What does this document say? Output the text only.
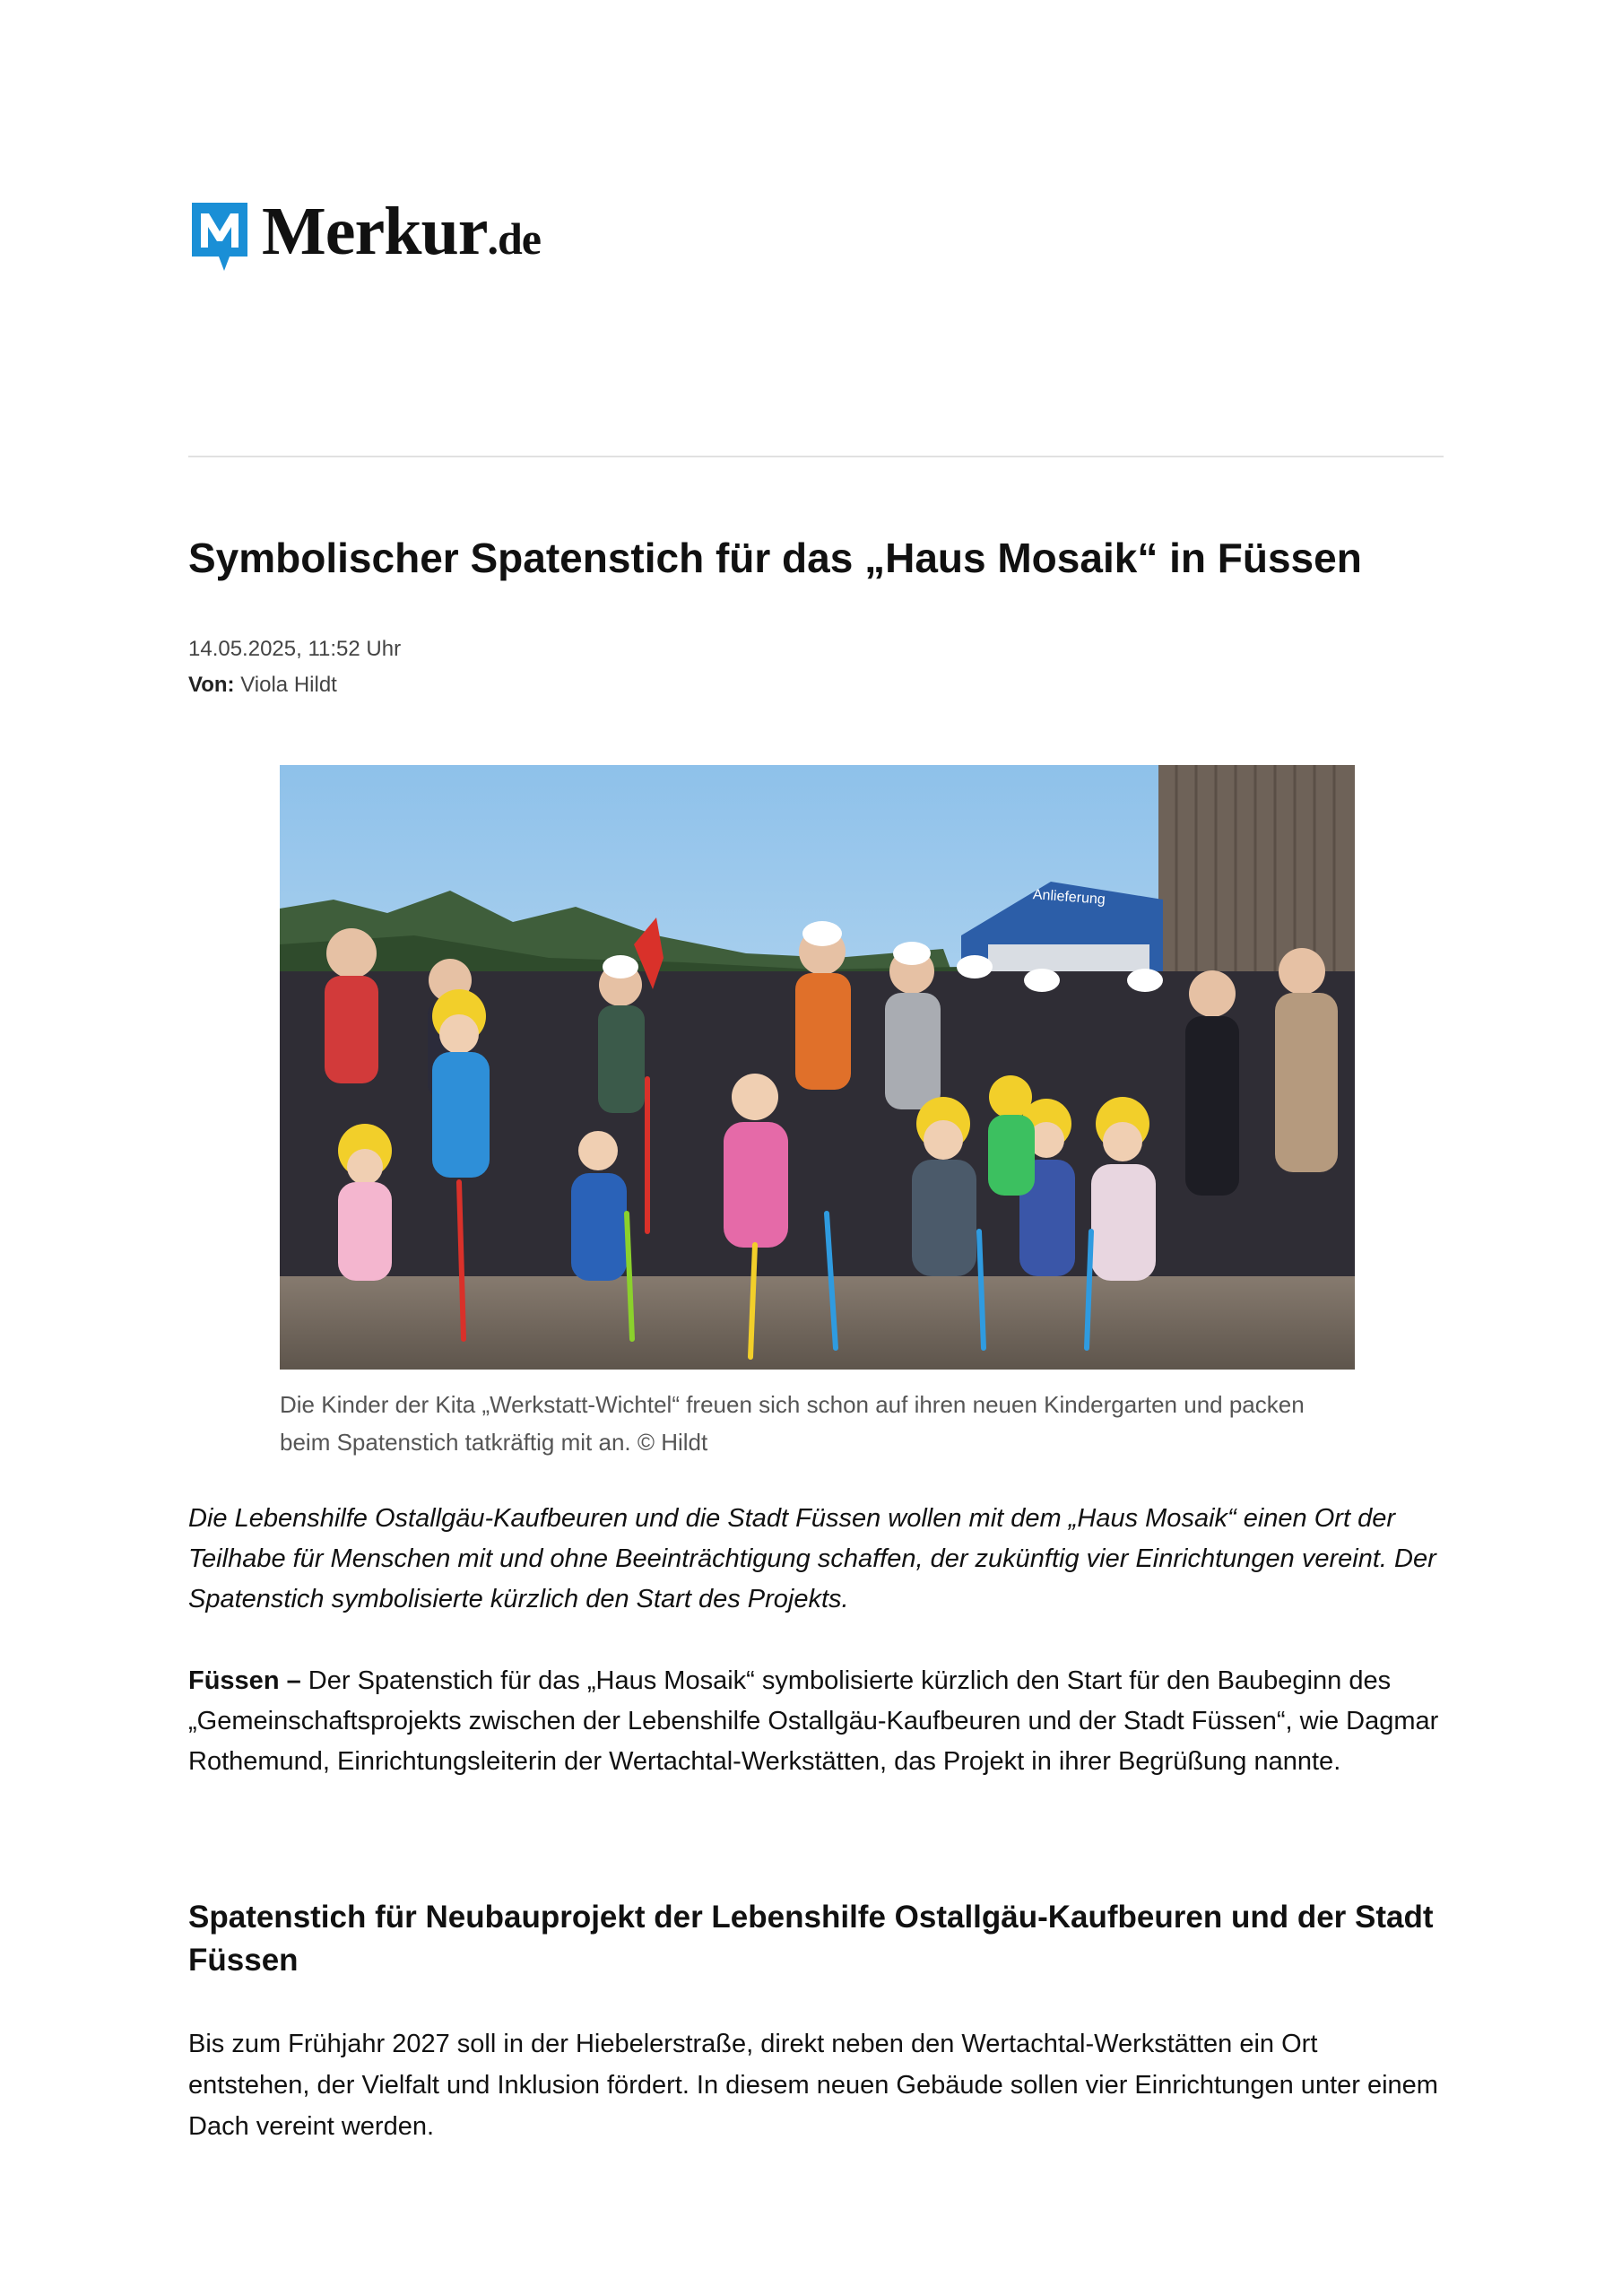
Merkur.de
Symbolischer Spatenstich für das „Haus Mosaik“ in Füssen
14.05.2025, 11:52 Uhr
Von: Viola Hildt
Anlieferung
Die Kinder der Kita „Werkstatt-Wichtel“ freuen sich schon auf ihren neuen Kindergarten und packen beim Spatenstich tatkräftig mit an. © Hildt
Die Lebenshilfe Ostallgäu-Kaufbeuren und die Stadt Füssen wollen mit dem „Haus Mosaik“ einen Ort der Teilhabe für Menschen mit und ohne Beeinträchtigung schaffen, der zukünftig vier Einrichtungen vereint. Der Spatenstich symbolisierte kürzlich den Start des Projekts.
Füssen – Der Spatenstich für das „Haus Mosaik“ symbolisierte kürzlich den Start für den Baubeginn des „Gemeinschaftsprojekts zwischen der Lebenshilfe Ostallgäu-Kaufbeuren und der Stadt Füssen“, wie Dagmar Rothemund, Einrichtungsleiterin der Wertachtal-Werkstätten, das Projekt in ihrer Begrüßung nannte.
Spatenstich für Neubauprojekt der Lebenshilfe Ostallgäu-Kaufbeuren und der Stadt Füssen
Bis zum Frühjahr 2027 soll in der Hiebelerstraße, direkt neben den Wertachtal-Werkstätten ein Ort entstehen, der Vielfalt und Inklusion fördert. In diesem neuen Gebäude sollen vier Einrichtungen unter einem Dach vereint werden.
